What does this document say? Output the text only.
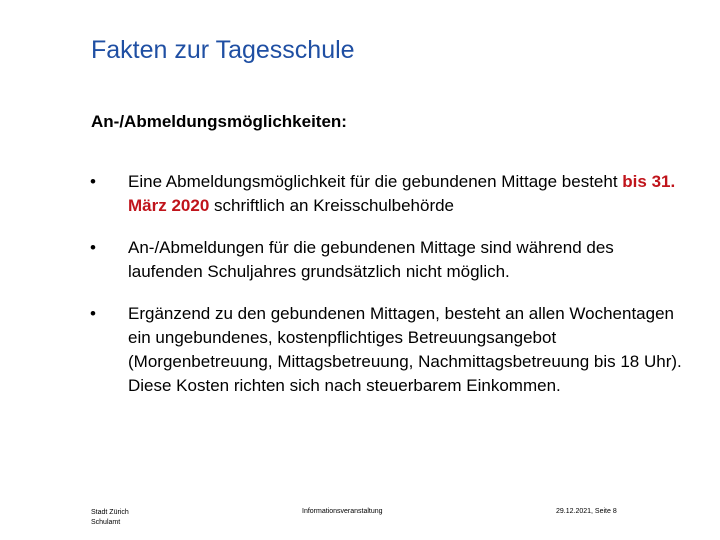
Fakten zur Tagesschule
An-/Abmeldungsmöglichkeiten:
• Eine Abmeldungsmöglichkeit für die gebundenen Mittage besteht bis 31. März 2020 schriftlich an Kreisschulbehörde
• An-/Abmeldungen für die gebundenen Mittage sind während des laufenden Schuljahres grundsätzlich nicht möglich.
• Ergänzend zu den gebundenen Mittagen, besteht an allen Wochentagen ein ungebundenes, kostenpflichtiges Betreuungsangebot (Morgenbetreuung, Mittagsbetreuung, Nachmittagsbetreuung bis 18 Uhr). Diese Kosten richten sich nach steuerbarem Einkommen.
Stadt Zürich
Schulamt
Informationsveranstaltung	29.12.2021, Seite 8
